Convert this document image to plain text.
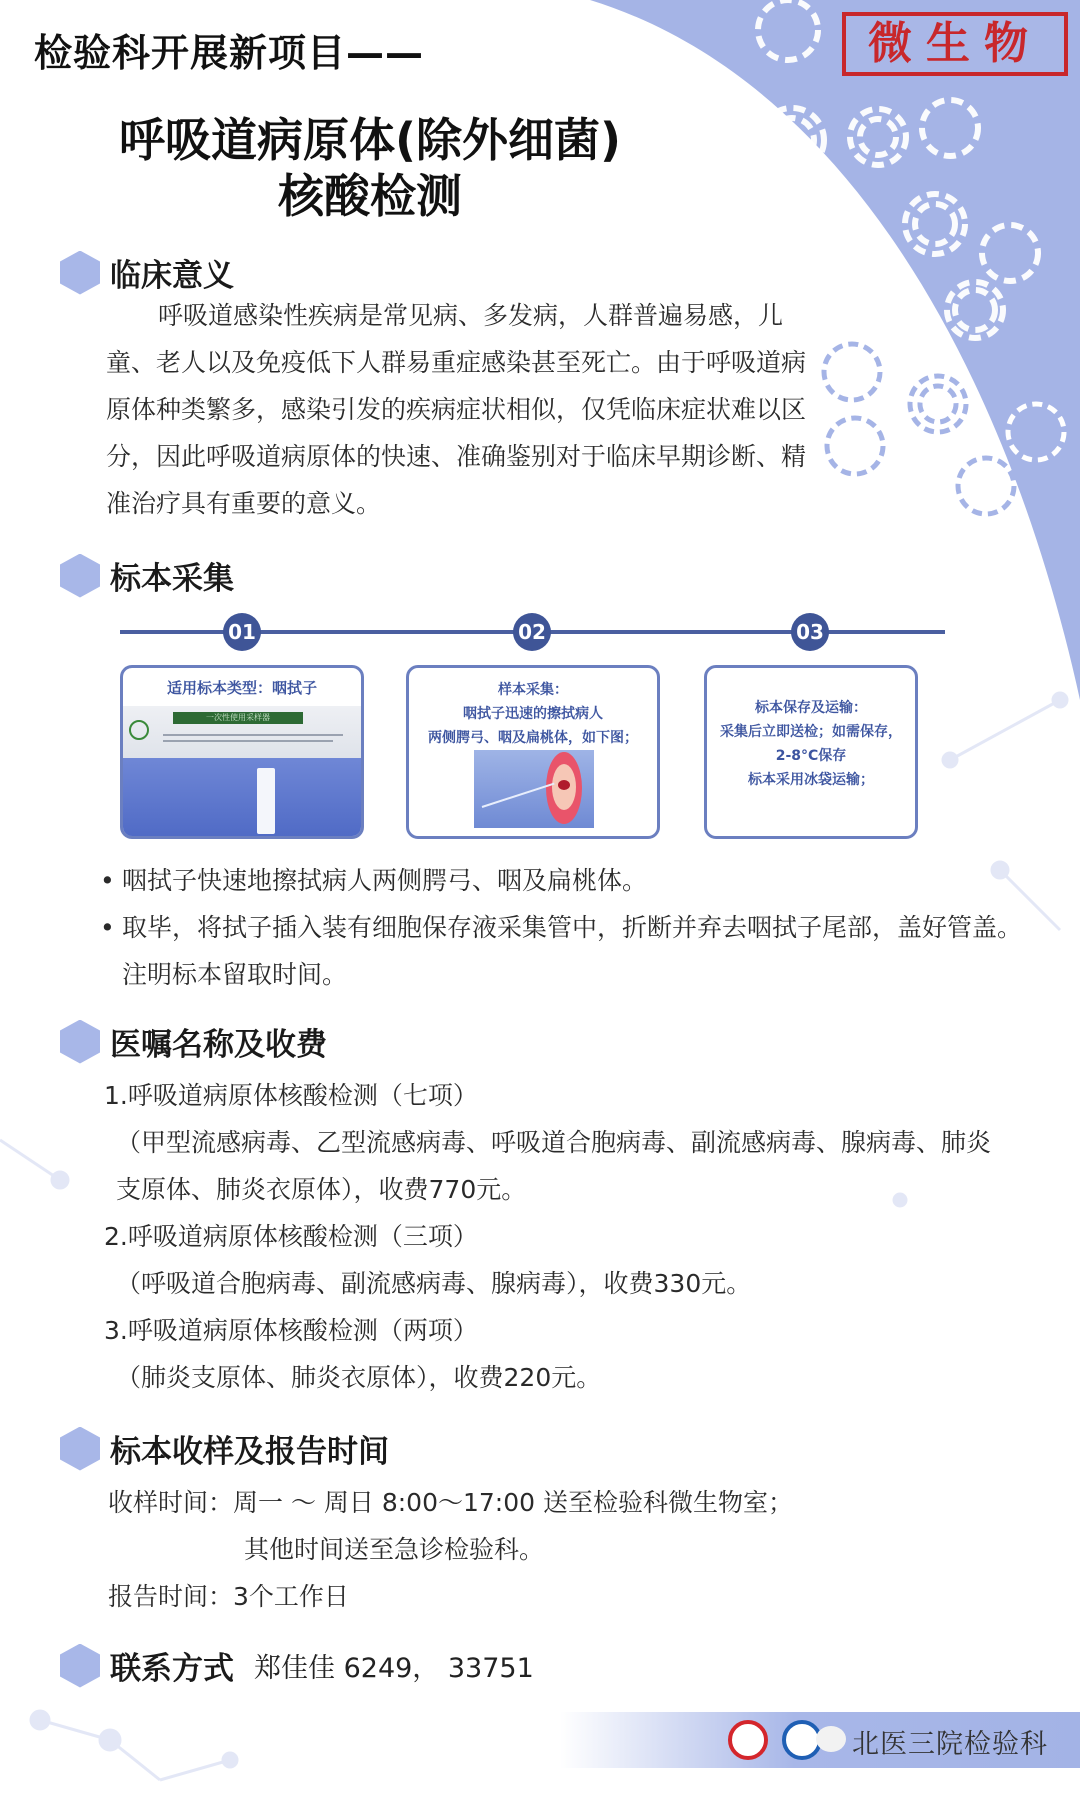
检验科开展新项目——
呼吸道病原体(除外细菌)
核酸检测
微生物
临床意义
呼吸道感染性疾病是常见病、多发病，人群普遍易感，儿童、老人以及免疫低下人群易重症感染甚至死亡。由于呼吸道病原体种类繁多，感染引发的疾病症状相似，仅凭临床症状难以区分，因此呼吸道病原体的快速、准确鉴别对于临床早期诊断、精准治疗具有重要的意义。
标本采集
01	02	03
适用标本类型：咽拭子
一次性使用采样器
样本采集：
咽拭子迅速的擦拭病人
两侧腭弓、咽及扁桃体，如下图；
标本保存及运输：
采集后立即送检；如需保存，
2-8°C保存
标本采用冰袋运输；
• 咽拭子快速地擦拭病人两侧腭弓、咽及扁桃体。
• 取毕，将拭子插入装有细胞保存液采集管中，折断并弃去咽拭子尾部，盖好管盖。注明标本留取时间。
医嘱名称及收费
1.呼吸道病原体核酸检测（七项）
（甲型流感病毒、乙型流感病毒、呼吸道合胞病毒、副流感病毒、腺病毒、肺炎支原体、肺炎衣原体），收费770元。
2.呼吸道病原体核酸检测（三项）
（呼吸道合胞病毒、副流感病毒、腺病毒），收费330元。
3.呼吸道病原体核酸检测（两项）
（肺炎支原体、肺炎衣原体），收费220元。
标本收样及报告时间
收样时间：周一 ～ 周日 8:00～17:00 送至检验科微生物室；
其他时间送至急诊检验科。
报告时间：3个工作日
联系方式 郑佳佳 6249， 33751
北医三院检验科
